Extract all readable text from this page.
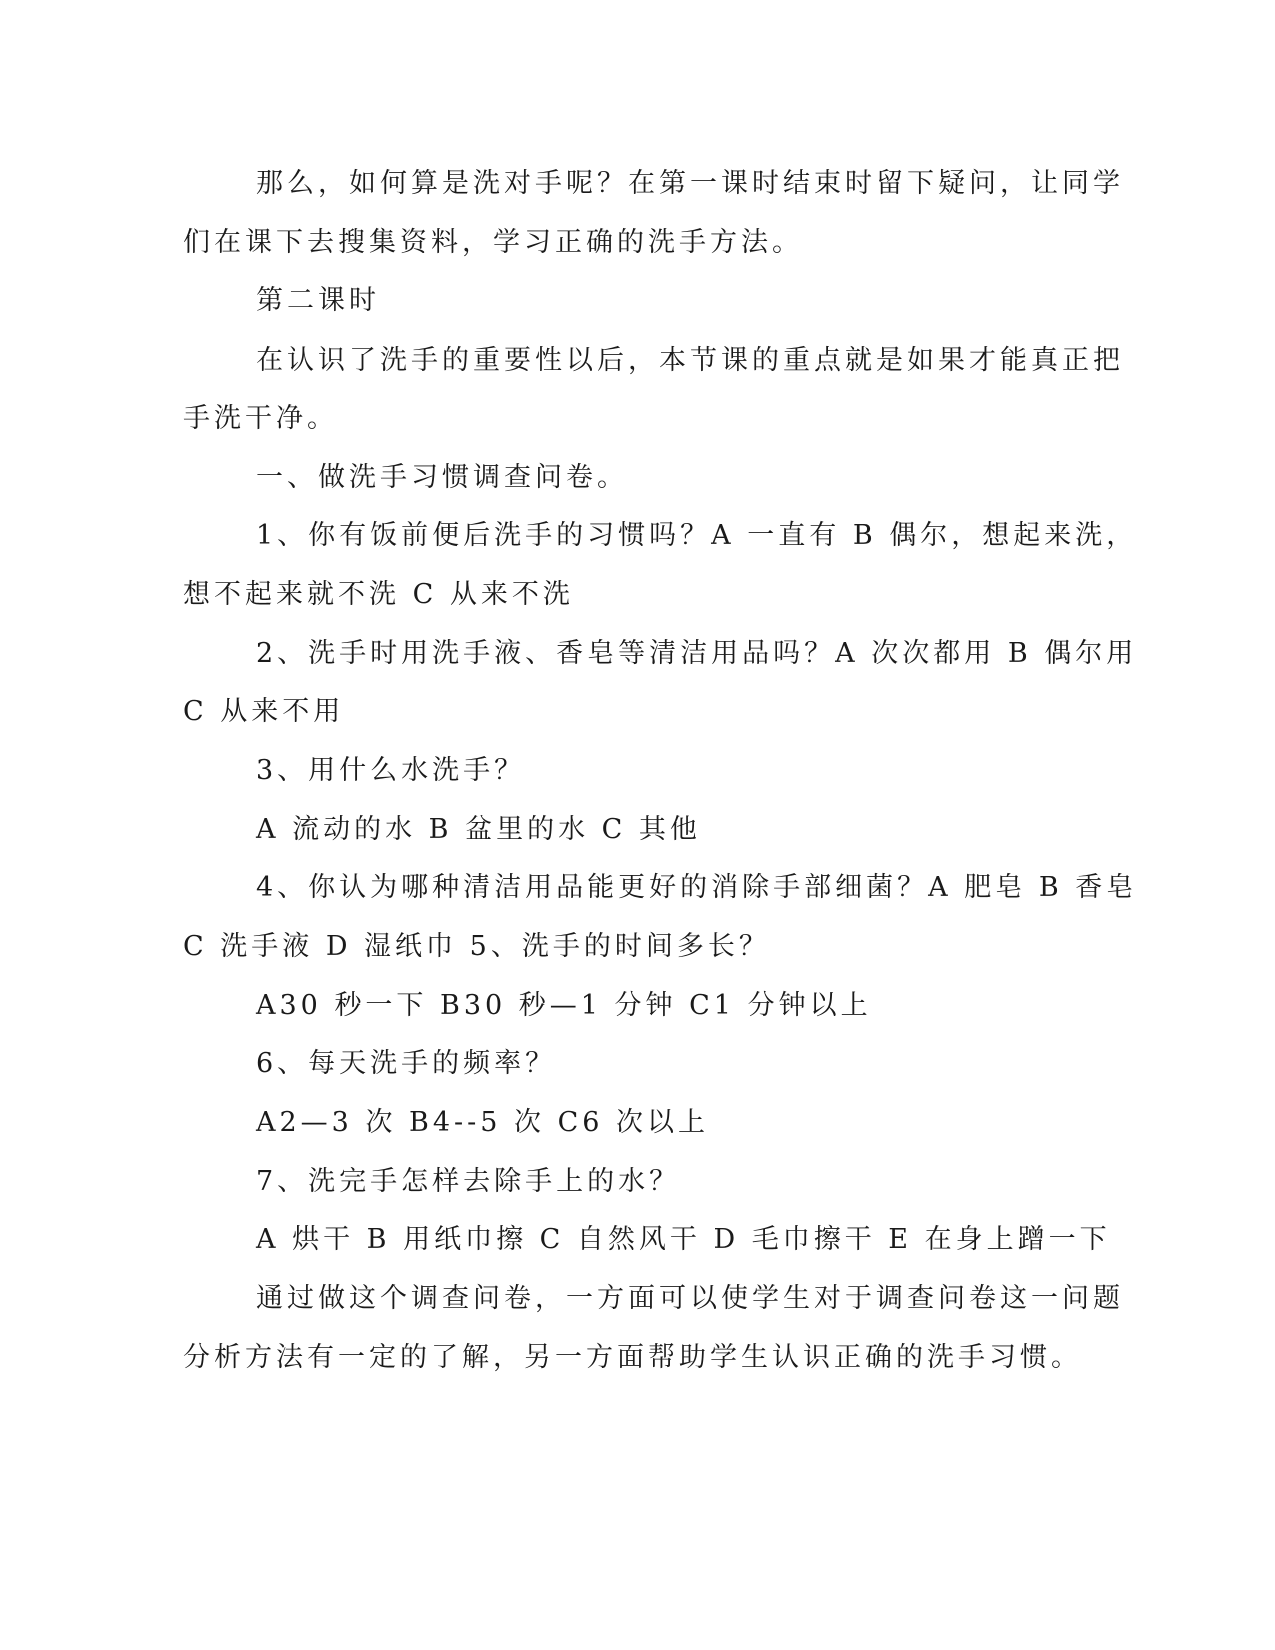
那么，如何算是洗对手呢？在第一课时结束时留下疑问，让同学
们在课下去搜集资料，学习正确的洗手方法。
第二课时
在认识了洗手的重要性以后，本节课的重点就是如果才能真正把
手洗干净。
一、做洗手习惯调查问卷。
1、你有饭前便后洗手的习惯吗？A 一直有 B 偶尔，想起来洗，
想不起来就不洗 C 从来不洗
2、洗手时用洗手液、香皂等清洁用品吗？A 次次都用 B 偶尔用
C 从来不用
3、用什么水洗手？
A 流动的水 B 盆里的水 C 其他
4、你认为哪种清洁用品能更好的消除手部细菌？A 肥皂 B 香皂
C 洗手液 D 湿纸巾 5、洗手的时间多长？
A30 秒一下 B30 秒—1 分钟 C1 分钟以上
6、每天洗手的频率？
A2—3 次 B4--5 次 C6 次以上
7、洗完手怎样去除手上的水？
A 烘干 B 用纸巾擦 C 自然风干 D 毛巾擦干 E 在身上蹭一下
通过做这个调查问卷，一方面可以使学生对于调查问卷这一问题
分析方法有一定的了解，另一方面帮助学生认识正确的洗手习惯。
